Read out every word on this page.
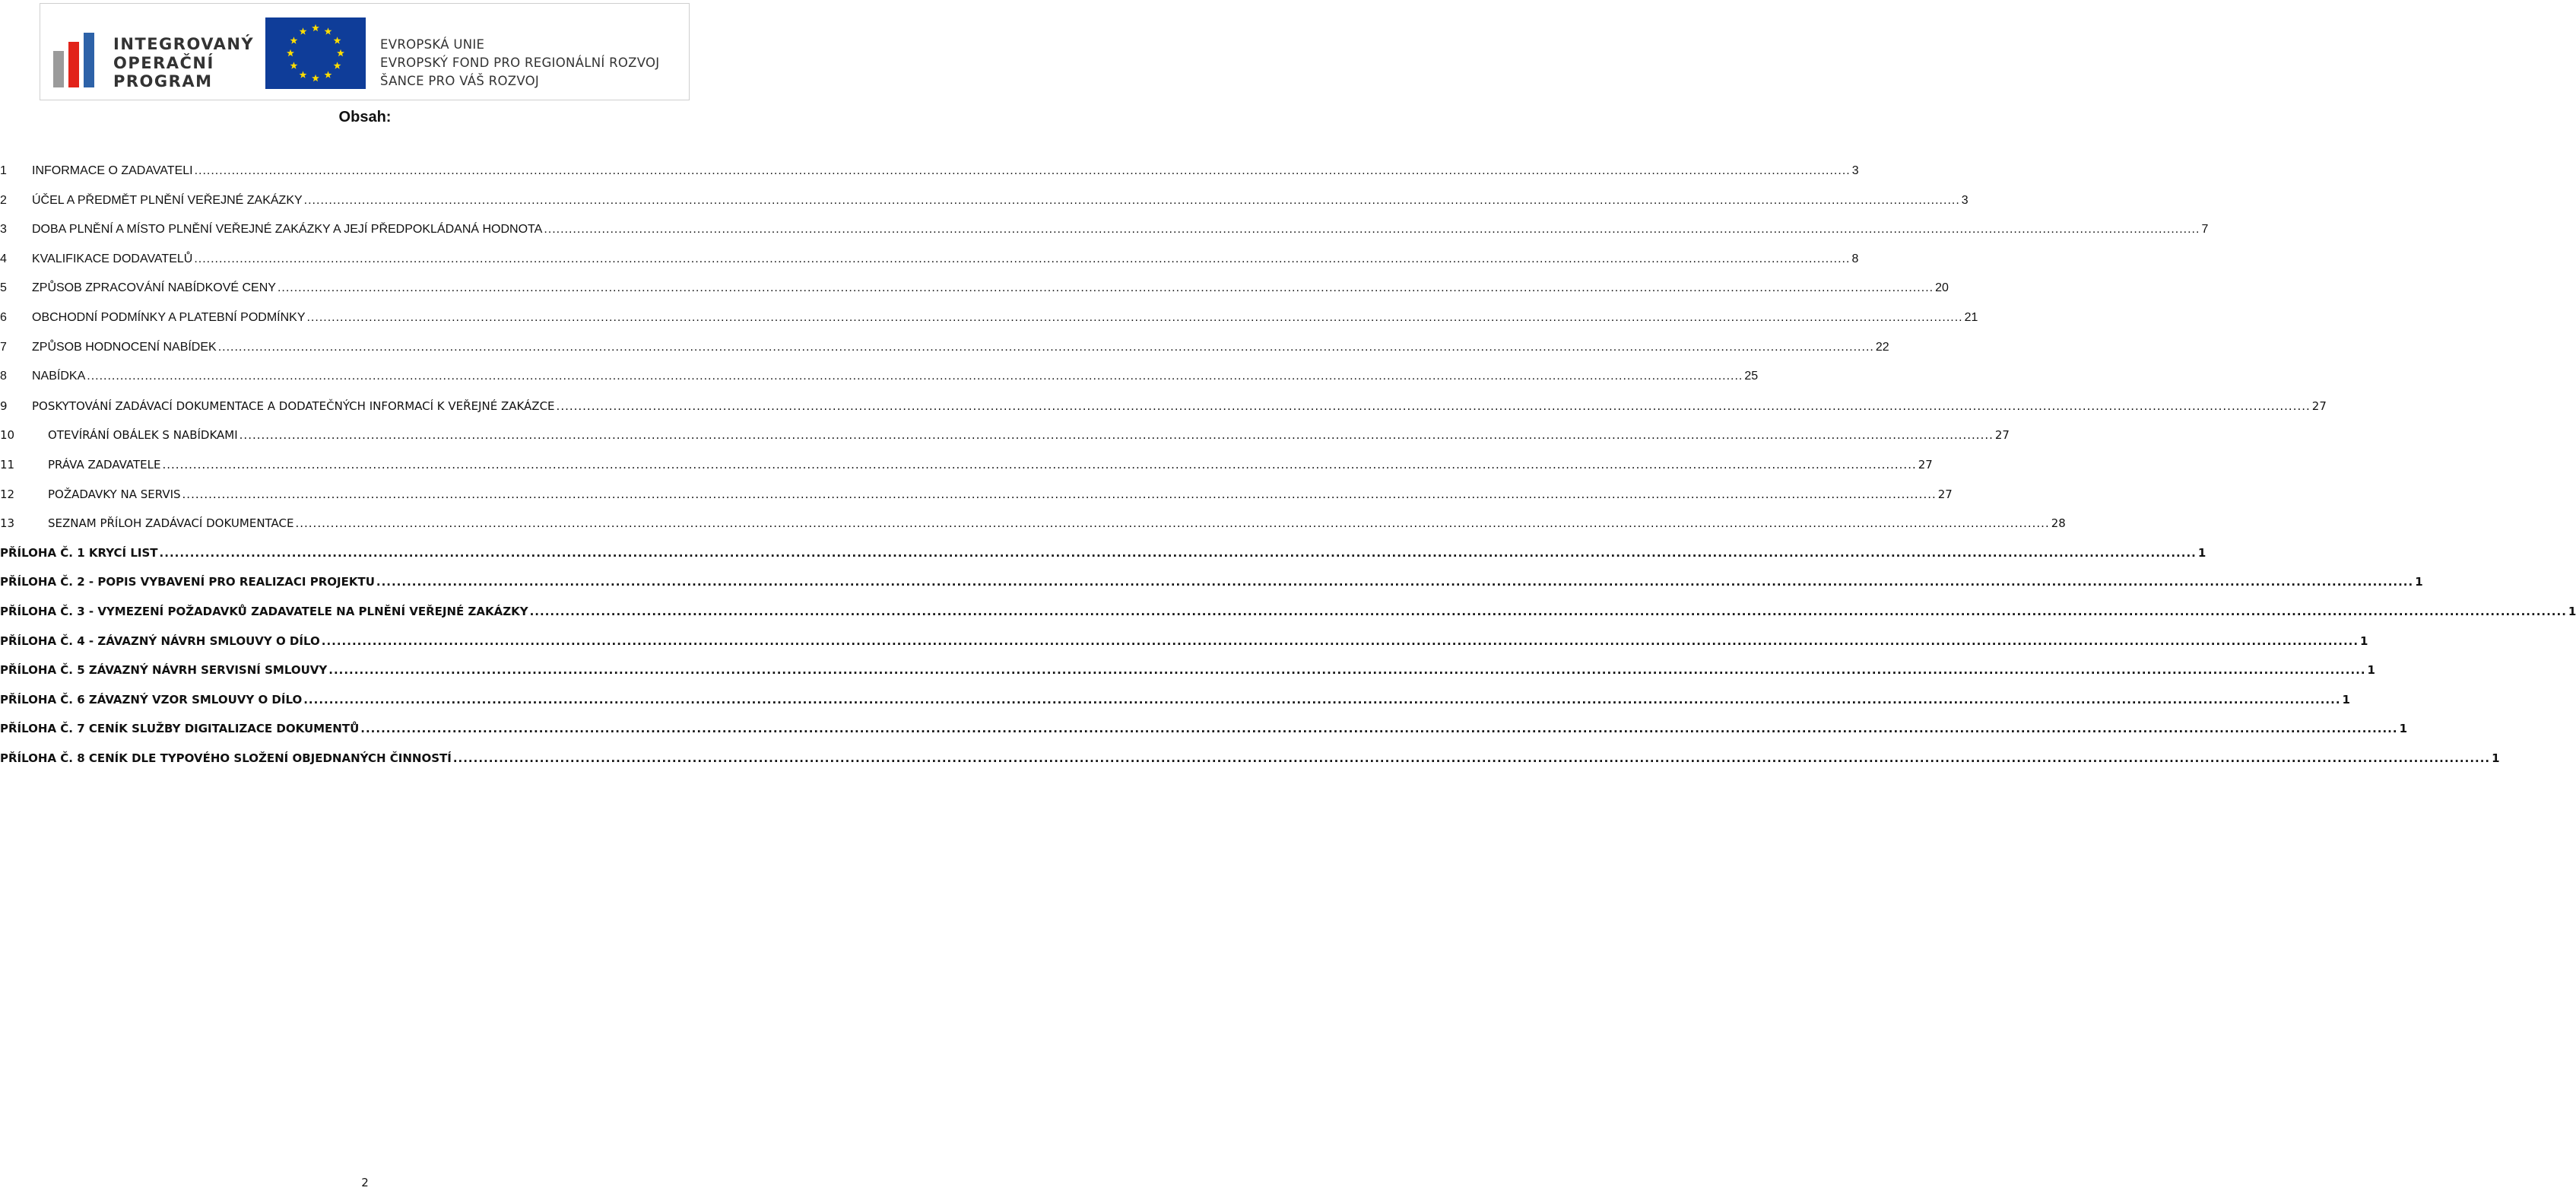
INTEGROVANÝ
OPERAČNÍ
PROGRAM
EVROPSKÁ UNIE
EVROPSKÝ FOND PRO REGIONÁLNÍ ROZVOJ
ŠANCE PRO VÁŠ ROZVOJ
Obsah:
1	INFORMACE O ZADAVATELI ................................................................................................................................................................................................................................................................................................................................................................................................................ 3
2	ÚČEL A PŘEDMĚT PLNĚNÍ VEŘEJNÉ ZAKÁZKY ................................................................................................................................................................................................................................................................................................................................................................................................................ 3
3	DOBA PLNĚNÍ A MÍSTO PLNĚNÍ VEŘEJNÉ ZAKÁZKY A JEJÍ PŘEDPOKLÁDANÁ HODNOTA ................................................................................................................................................................................................................................................................................................................................................................................................................ 7
4	KVALIFIKACE DODAVATELŮ ................................................................................................................................................................................................................................................................................................................................................................................................................ 8
5	ZPŮSOB ZPRACOVÁNÍ NABÍDKOVÉ CENY ................................................................................................................................................................................................................................................................................................................................................................................................................ 20
6	OBCHODNÍ PODMÍNKY A PLATEBNÍ PODMÍNKY ................................................................................................................................................................................................................................................................................................................................................................................................................ 21
7	ZPŮSOB HODNOCENÍ NABÍDEK ................................................................................................................................................................................................................................................................................................................................................................................................................ 22
8	NABÍDKA ................................................................................................................................................................................................................................................................................................................................................................................................................ 25
9	POSKYTOVÁNÍ ZADÁVACÍ DOKUMENTACE A DODATEČNÝCH INFORMACÍ K VEŘEJNÉ ZAKÁZCE ................................................................................................................................................................................................................................................................................................................................................................................................................ 27
10	OTEVÍRÁNÍ OBÁLEK S NABÍDKAMI ................................................................................................................................................................................................................................................................................................................................................................................................................ 27
11	PRÁVA ZADAVATELE ................................................................................................................................................................................................................................................................................................................................................................................................................ 27
12	POŽADAVKY NA SERVIS ................................................................................................................................................................................................................................................................................................................................................................................................................ 27
13	SEZNAM PŘÍLOH ZADÁVACÍ DOKUMENTACE ................................................................................................................................................................................................................................................................................................................................................................................................................ 28
PŘÍLOHA Č. 1 KRYCÍ LIST ................................................................................................................................................................................................................................................................................................................................................................................................................ 1
PŘÍLOHA Č. 2 - POPIS VYBAVENÍ PRO REALIZACI PROJEKTU ................................................................................................................................................................................................................................................................................................................................................................................................................ 1
PŘÍLOHA Č. 3 - VYMEZENÍ POŽADAVKŮ ZADAVATELE NA PLNĚNÍ VEŘEJNÉ ZAKÁZKY ................................................................................................................................................................................................................................................................................................................................................................................................................ 1
PŘÍLOHA Č. 4 - ZÁVAZNÝ NÁVRH SMLOUVY O DÍLO ................................................................................................................................................................................................................................................................................................................................................................................................................ 1
PŘÍLOHA Č. 5 ZÁVAZNÝ NÁVRH SERVISNÍ SMLOUVY ................................................................................................................................................................................................................................................................................................................................................................................................................ 1
PŘÍLOHA Č. 6 ZÁVAZNÝ VZOR SMLOUVY O DÍLO ................................................................................................................................................................................................................................................................................................................................................................................................................ 1
PŘÍLOHA Č. 7 CENÍK SLUŽBY DIGITALIZACE DOKUMENTŮ ................................................................................................................................................................................................................................................................................................................................................................................................................ 1
PŘÍLOHA Č. 8 CENÍK DLE TYPOVÉHO SLOŽENÍ OBJEDNANÝCH ČINNOSTÍ ................................................................................................................................................................................................................................................................................................................................................................................................................ 1
2
